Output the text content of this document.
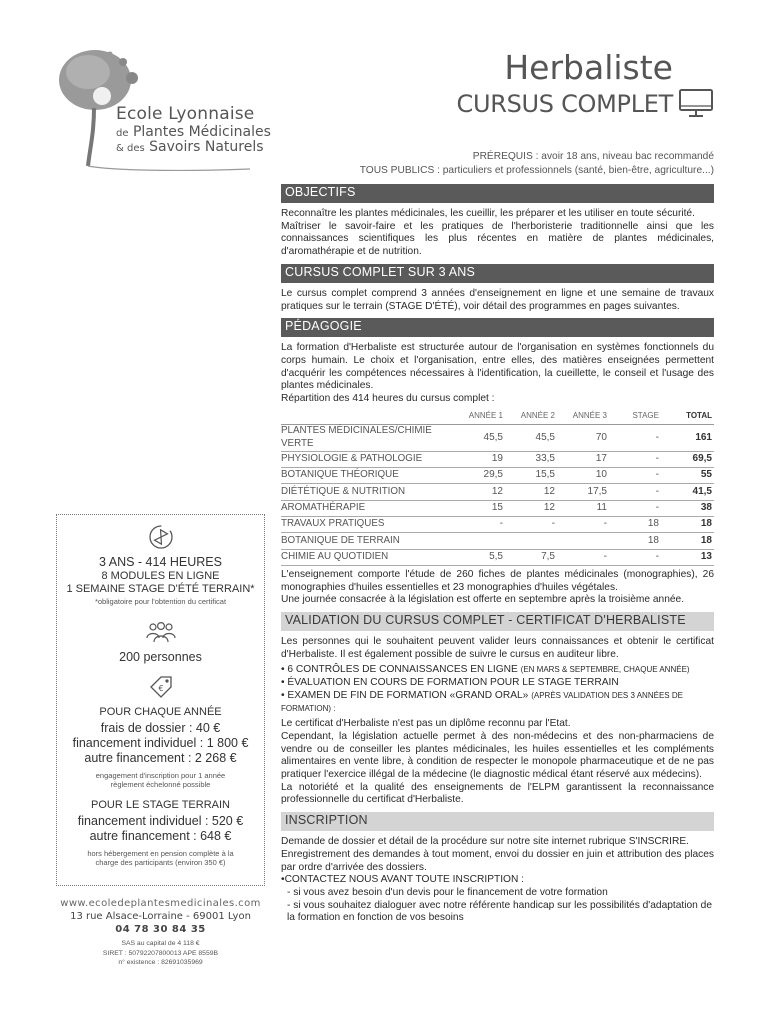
Ecole Lyonnaise
de Plantes Médicinales
& des Savoirs Naturels
Herbaliste
CURSUS COMPLET
PRÉREQUIS : avoir 18 ans, niveau bac recommandé
TOUS PUBLICS : particuliers et professionnels (santé, bien-être, agriculture...)
OBJECTIFS
Reconnaître les plantes médicinales, les cueillir, les préparer et les utiliser en toute sécurité.
Maîtriser le savoir-faire et les pratiques de l'herboristerie traditionnelle ainsi que les connaissances scientifiques les plus récentes en matière de plantes médicinales, d'aromathérapie et de nutrition.
CURSUS COMPLET SUR 3 ANS
Le cursus complet comprend 3 années d'enseignement en ligne et une semaine de travaux pratiques sur le terrain (STAGE D'ÉTÉ), voir détail des programmes en pages suivantes.
PÉDAGOGIE
La formation d'Herbaliste est structurée autour de l'organisation en systèmes fonctionnels du corps humain. Le choix et l'organisation, entre elles, des matières enseignées permettent d'acquérir les compétences nécessaires à l'identification, la cueillette, le conseil et l'usage des plantes médicinales.
Répartition des 414 heures du cursus complet :
	ANNÉE 1	ANNÉE 2	ANNÉE 3	STAGE	TOTAL
PLANTES MÉDICINALES/CHIMIE VERTE	45,5	45,5	70	-	161
PHYSIOLOGIE & PATHOLOGIE	19	33,5	17	-	69,5
BOTANIQUE THÉORIQUE	29,5	15,5	10	-	55
DIÉTÉTIQUE & NUTRITION	12	12	17,5	-	41,5
AROMATHÉRAPIE	15	12	11	-	38
TRAVAUX PRATIQUES	-	-	-	18	18
BOTANIQUE DE TERRAIN				18	18
CHIMIE AU QUOTIDIEN	5,5	7,5	-	-	13
L'enseignement comporte l'étude de 260 fiches de plantes médicinales (monographies), 26 monographies d'huiles essentielles et 23 monographies d'huiles végétales.
Une journée consacrée à la législation est offerte en septembre après la troisième année.
VALIDATION DU CURSUS COMPLET - CERTIFICAT D'HERBALISTE
Les personnes qui le souhaitent peuvent valider leurs connaissances et obtenir le certificat d'Herbaliste. Il est également possible de suivre le cursus en auditeur libre.
• 6 CONTRÔLES DE CONNAISSANCES EN LIGNE (EN MARS & SEPTEMBRE, CHAQUE ANNÉE)
• ÉVALUATION EN COURS DE FORMATION POUR LE STAGE TERRAIN
• EXAMEN DE FIN DE FORMATION «GRAND ORAL» (APRÈS VALIDATION DES 3 ANNÉES DE FORMATION) :
Le certificat d'Herbaliste n'est pas un diplôme reconnu par l'Etat.
Cependant, la législation actuelle permet à des non-médecins et des non-pharmaciens de vendre ou de conseiller les plantes médicinales, les huiles essentielles et les compléments alimentaires en vente libre, à condition de respecter le monopole pharmaceutique et de ne pas pratiquer l'exercice illégal de la médecine (le diagnostic médical étant réservé aux médecins).
La notoriété et la qualité des enseignements de l'ELPM garantissent la reconnaissance professionnelle du certificat d'Herbaliste.
INSCRIPTION
Demande de dossier et détail de la procédure sur notre site internet rubrique S'INSCRIRE.
Enregistrement des demandes à tout moment, envoi du dossier en juin et attribution des places par ordre d'arrivée des dossiers.
•CONTACTEZ NOUS AVANT TOUTE INSCRIPTION :
- si vous avez besoin d'un devis pour le financement de votre formation
- si vous souhaitez dialoguer avec notre référente handicap sur les possibilités d'adaptation de la formation en fonction de vos besoins
3 ANS - 414 HEURES
8 MODULES EN LIGNE
1 SEMAINE STAGE D'ÉTÉ TERRAIN*
*obligatoire pour l'obtention du certificat
200 personnes
€
POUR CHAQUE ANNÉE
frais de dossier : 40 €
financement individuel : 1 800 €
autre financement : 2 268 €
engagement d'inscription pour 1 année règlement échelonné possible
POUR LE STAGE TERRAIN
financement individuel : 520 €
autre financement : 648 €
hors hébergement en pension complète à la charge des participants (environ 350 €)
www.ecoledeplantesmedicinales.com
13 rue Alsace-Lorraine - 69001 Lyon
04 78 30 84 35
SAS au capital de 4 118 €
SIRET : 50792207800013 APE 8559B
n° existence : 82691035969
